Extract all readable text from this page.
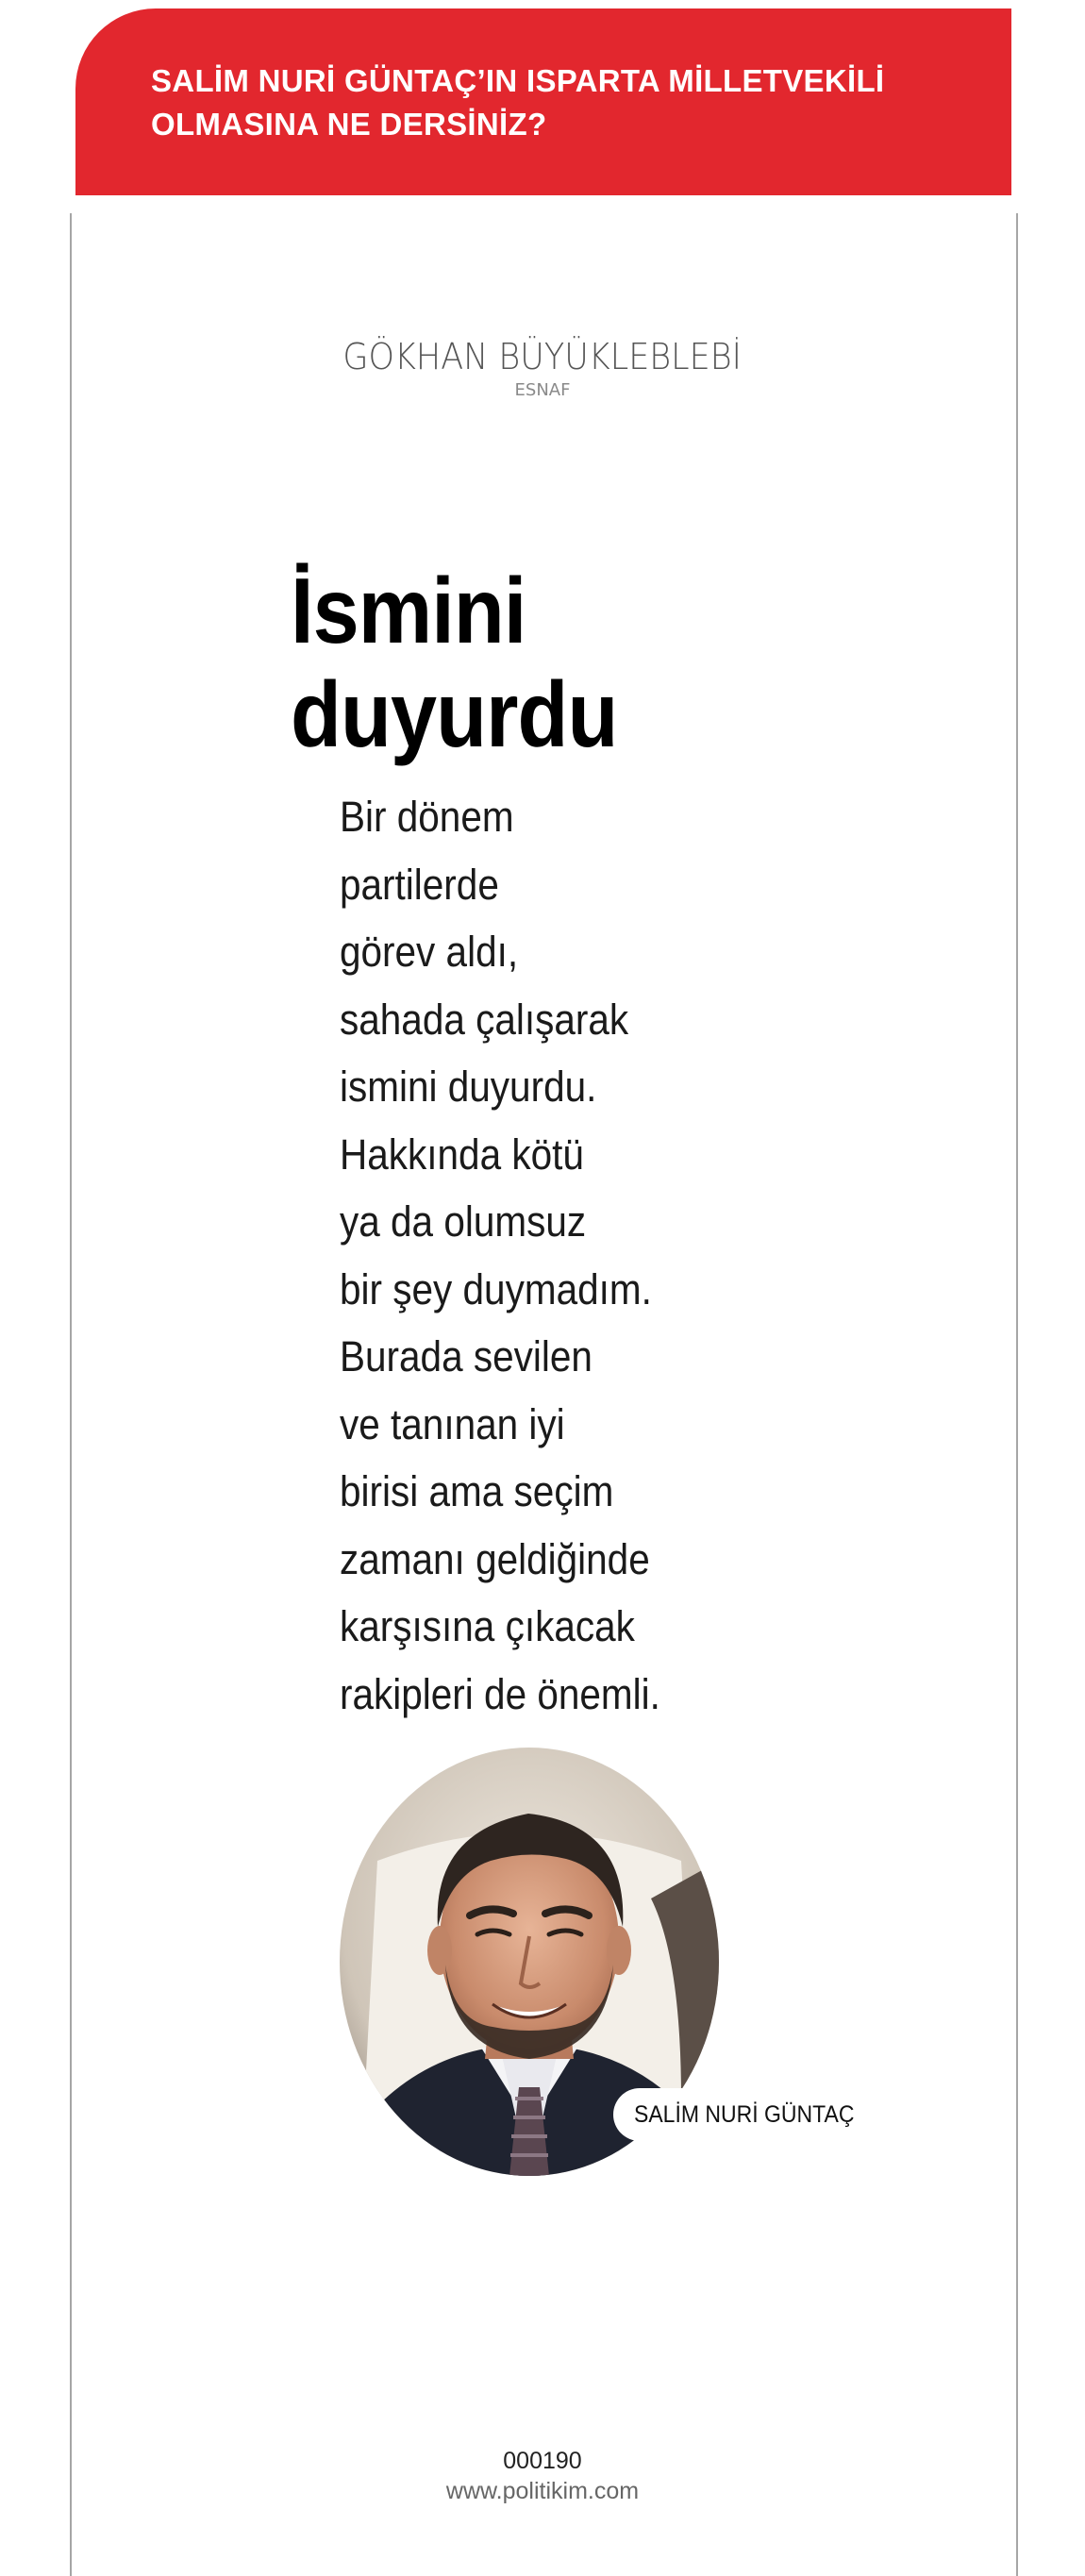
SALİM NURİ GÜNTAÇ’IN ISPARTA MİLLETVEKİLİ OLMASINA NE DERSİNİZ?
GÖKHAN BÜYÜKLEBLEBİ
ESNAF
İsmini
duyurdu
Bir dönem
partilerde
görev aldı,
sahada çalışarak
ismini duyurdu.
Hakkında kötü
ya da olumsuz
bir şey duymadım.
Burada sevilen
ve tanınan iyi
birisi ama seçim
zamanı geldiğinde
karşısına çıkacak
rakipleri de önemli.
SALİM NURİ GÜNTAÇ
000190
www.politikim.com
